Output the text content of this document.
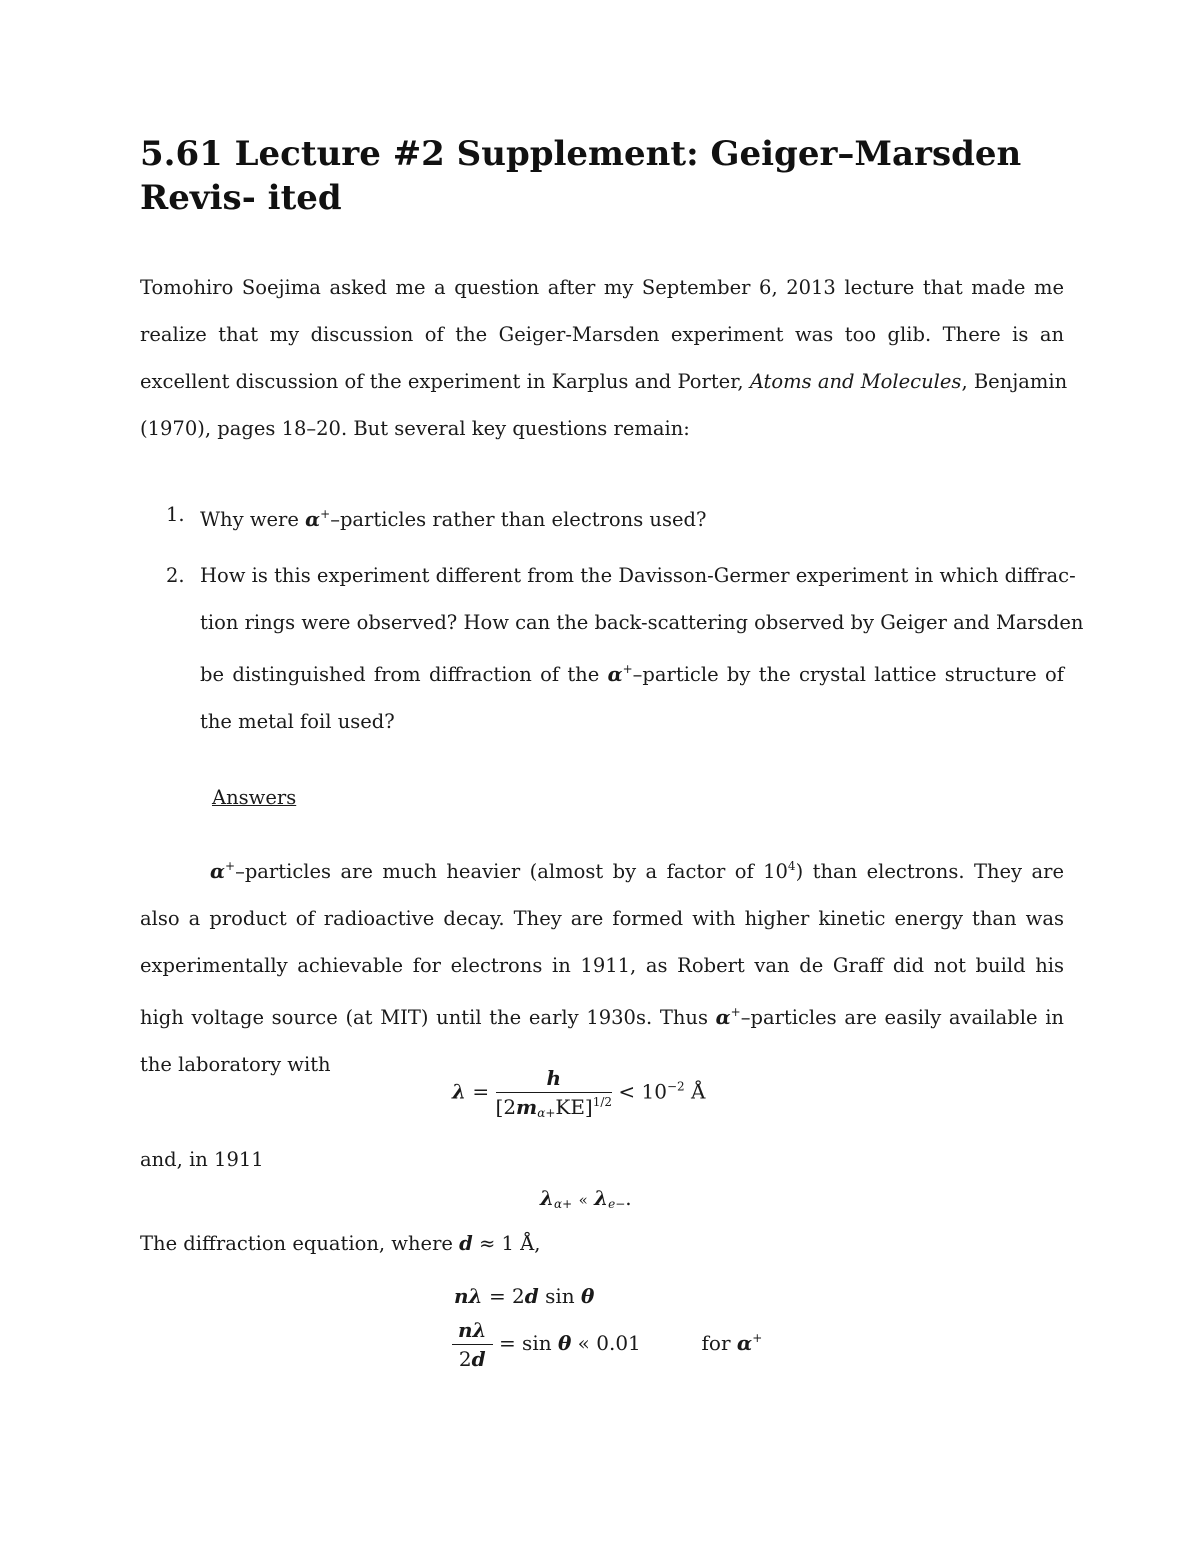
5.61 Lecture #2 Supplement: Geiger–Marsden Revis- ited
Tomohiro Soejima asked me a question after my September 6, 2013 lecture that made me
realize that my discussion of the Geiger-Marsden experiment was too glib. There is an
excellent discussion of the experiment in Karplus and Porter, Atoms and Molecules, Benjamin
(1970), pages 18–20. But several key questions remain:
1. Why were α+–particles rather than electrons used?
2. How is this experiment different from the Davisson-Germer experiment in which diffrac-
tion rings were observed? How can the back-scattering observed by Geiger and Marsden
be distinguished from diffraction of the α+–particle by the crystal lattice structure of
the metal foil used?
Answers
α+–particles are much heavier (almost by a factor of $10^4$) than electrons. They are
also a product of radioactive decay. They are formed with higher kinetic energy than was
experimentally achievable for electrons in 1911, as Robert van de Graff did not build his
high voltage source (at MIT) until the early 1930s. Thus α+–particles are easily available in
the laboratory with
$\lambda = \frac{h}{[2m\alpha+KE]^{1/2}} < 10^{-2}$ Å
and, in 1911
λα+ « λe−.
The diffraction equation, where d ≈ 1 Å,
nλ = 2d sin θ
$\frac{n\lambda}{2d} = \sin \theta$ « 0.01	for α+
